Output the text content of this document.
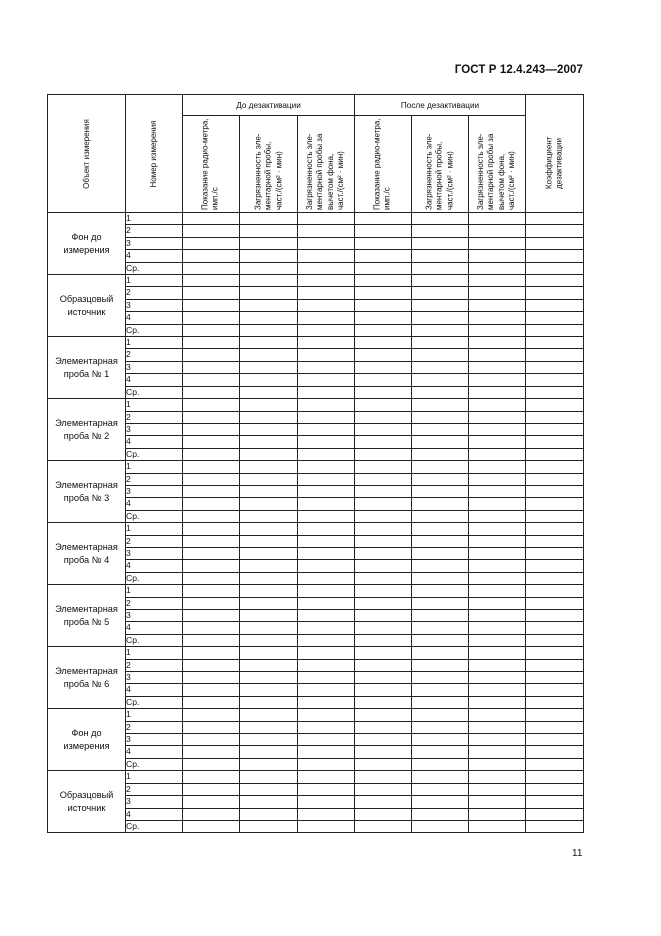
ГОСТ Р 12.4.243—2007
Объект измерения	Номер измерения	До дезактивации			После дезактивации			Коэффициент дезактивации

		Показание радио-метра, имп./с	Загрязненность эле-ментарной пробы, част./(см² · мин)	Загрязненность эле-ментарной пробы за вычетом фона, част./(см² · мин)	Показание радио-метра, имп./с	Загрязненность эле-ментарной пробы, част./(см² · мин)	Загрязненность эле-ментарной пробы за вычетом фона, част./(см² · мин)	

Фон до измерения	1							
	2							
	3							
	4							
	Ср.							
Образцовый источник	1							
	2							
	3							
	4							
	Ср.							
Элементарная проба № 1	1							
	2							
	3							
	4							
	Ср.							
Элементарная проба № 2	1							
	2							
	3							
	4							
	Ср.							
Элементарная проба № 3	1							
	2							
	3							
	4							
	Ср.							
Элементарная проба № 4	1							
	2							
	3							
	4							
	Ср.							
Элементарная проба № 5	1							
	2							
	3							
	4							
	Ср.							
Элементарная проба № 6	1							
	2							
	3							
	4							
	Ср.							
Фон до измерения	1							
	2							
	3							
	4							
	Ср.							
Образцовый источник	1							
	2							
	3							
	4							
	Ср.							
11
